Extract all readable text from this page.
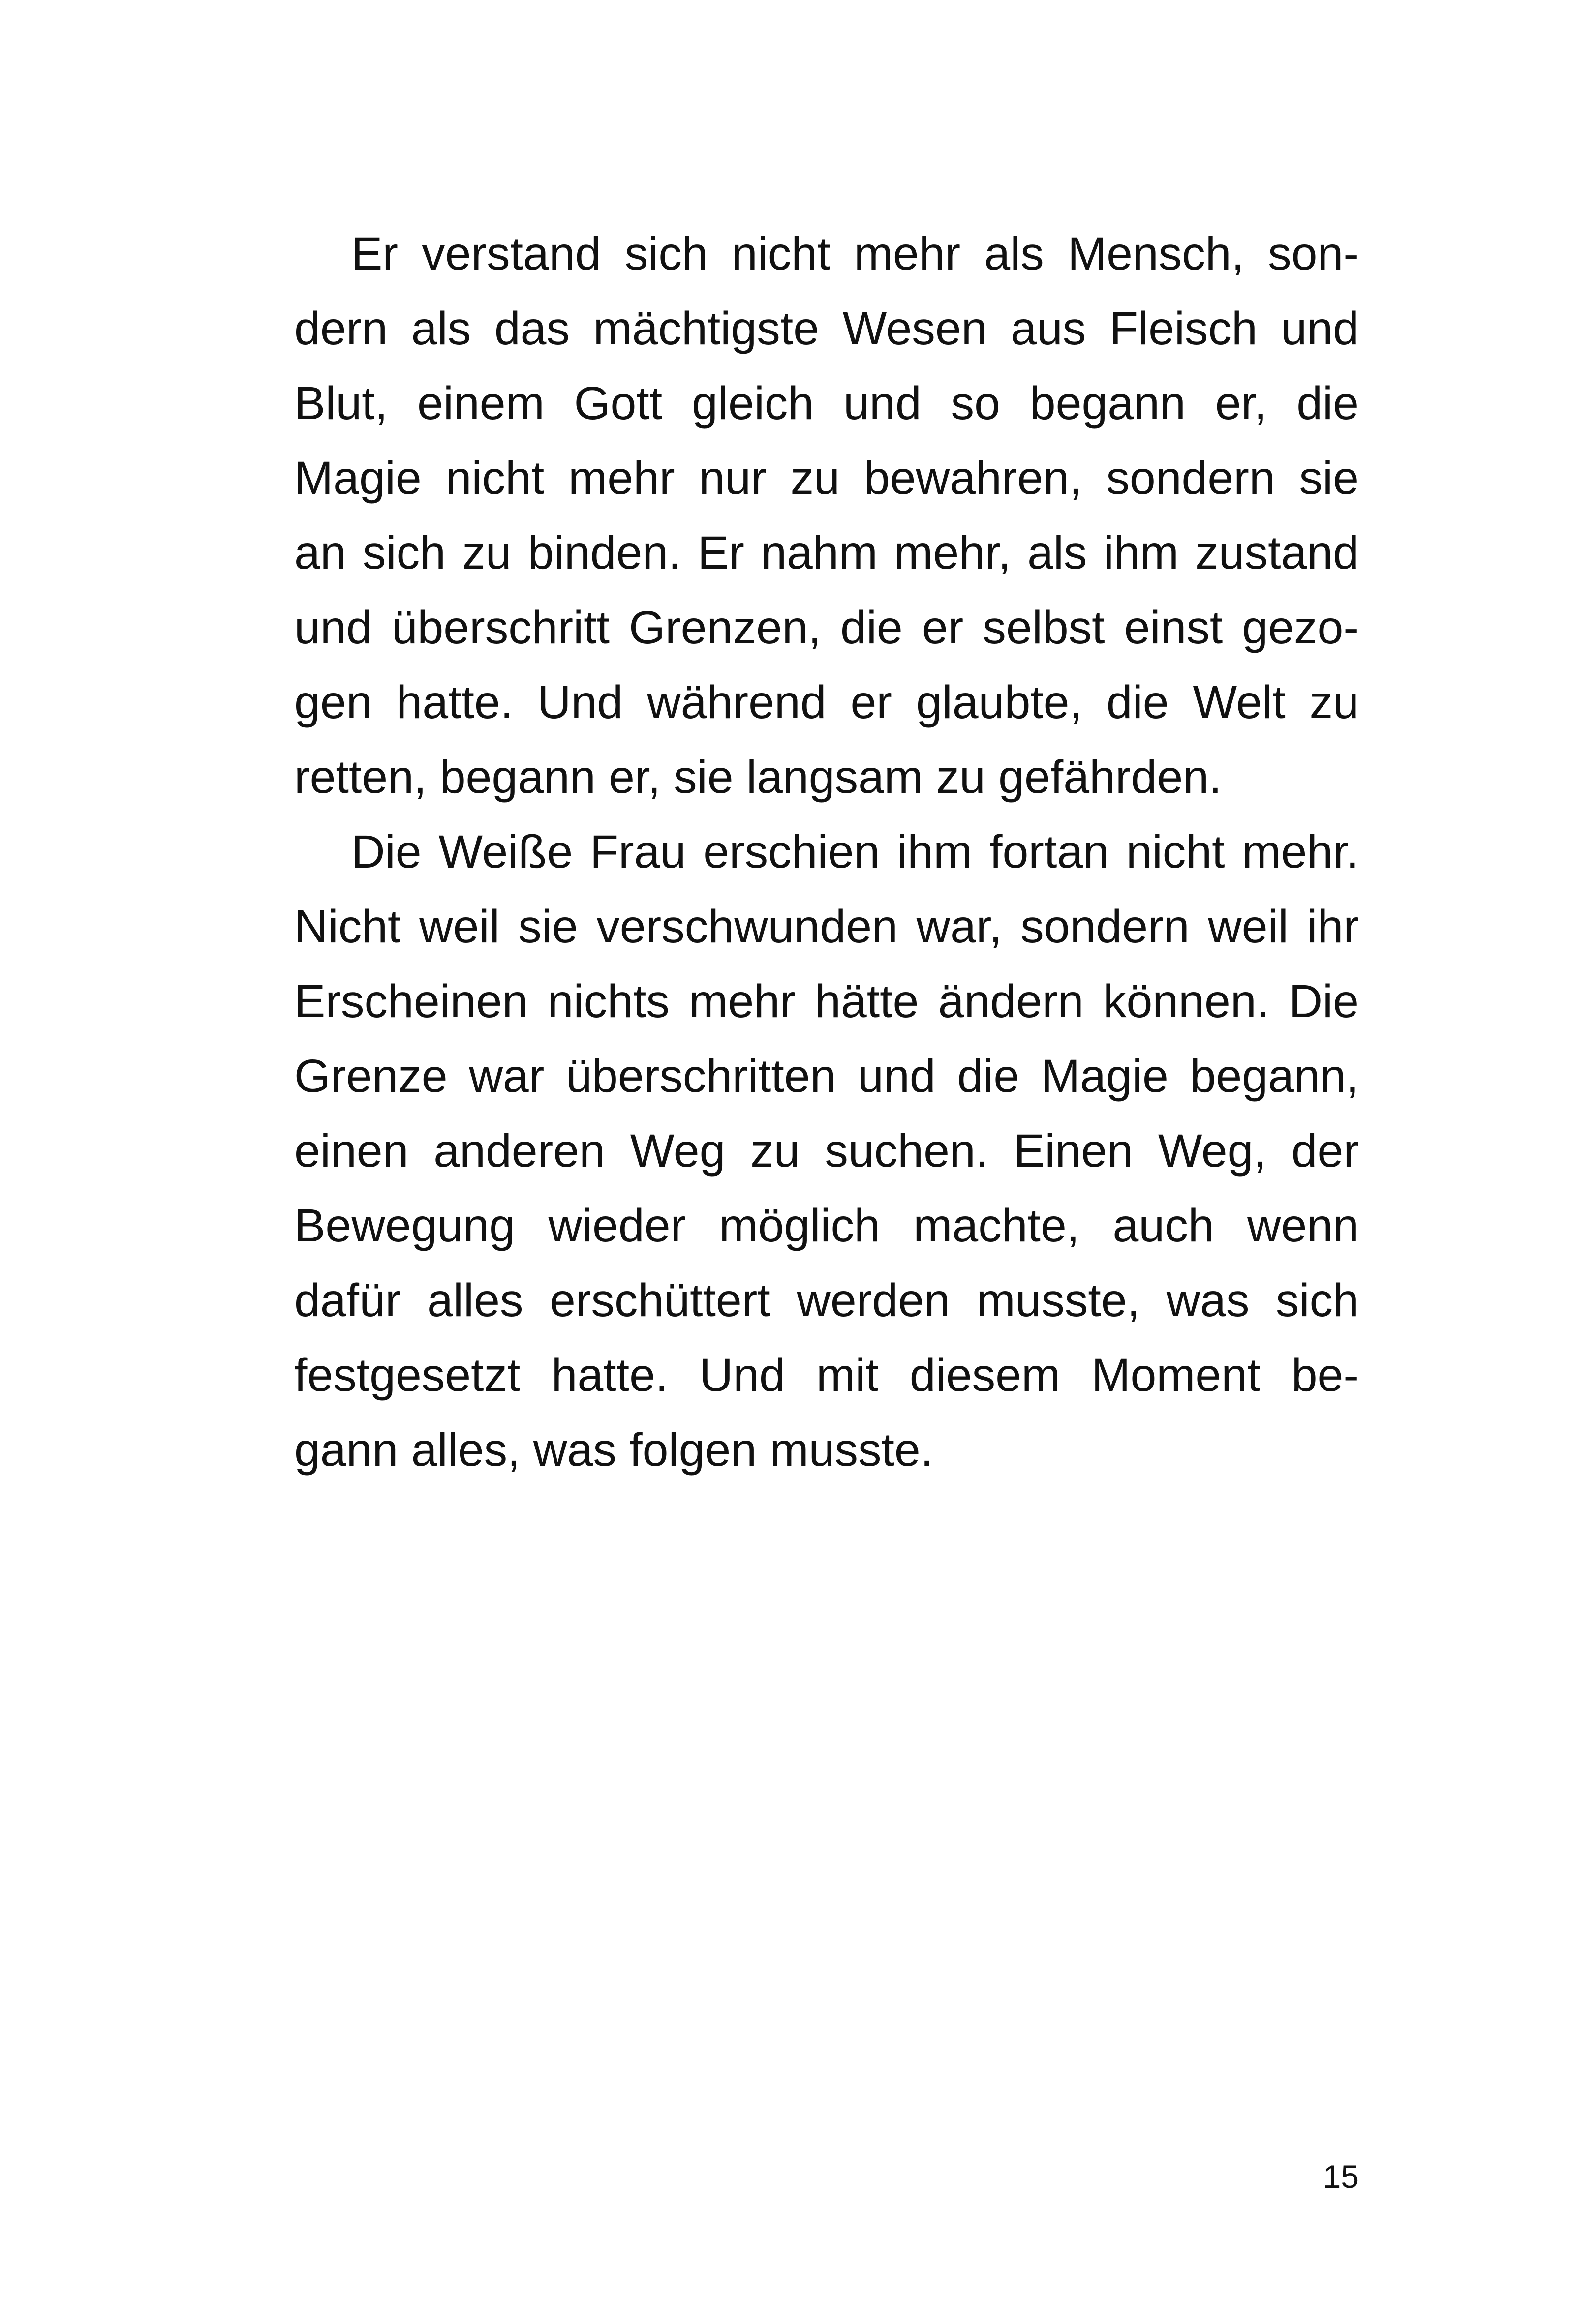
Er verstand sich nicht mehr als Mensch, son-
dern als das mächtigste Wesen aus Fleisch und
Blut, einem Gott gleich und so begann er, die
Magie nicht mehr nur zu bewahren, sondern sie
an sich zu binden. Er nahm mehr, als ihm zustand
und überschritt Grenzen, die er selbst einst gezo-
gen hatte. Und während er glaubte, die Welt zu
retten, begann er, sie langsam zu gefährden.
Die Weiße Frau erschien ihm fortan nicht mehr.
Nicht weil sie verschwunden war, sondern weil ihr
Erscheinen nichts mehr hätte ändern können. Die
Grenze war überschritten und die Magie begann,
einen anderen Weg zu suchen. Einen Weg, der
Bewegung wieder möglich machte, auch wenn
dafür alles erschüttert werden musste, was sich
festgesetzt hatte. Und mit diesem Moment be-
gann alles, was folgen musste.
15
